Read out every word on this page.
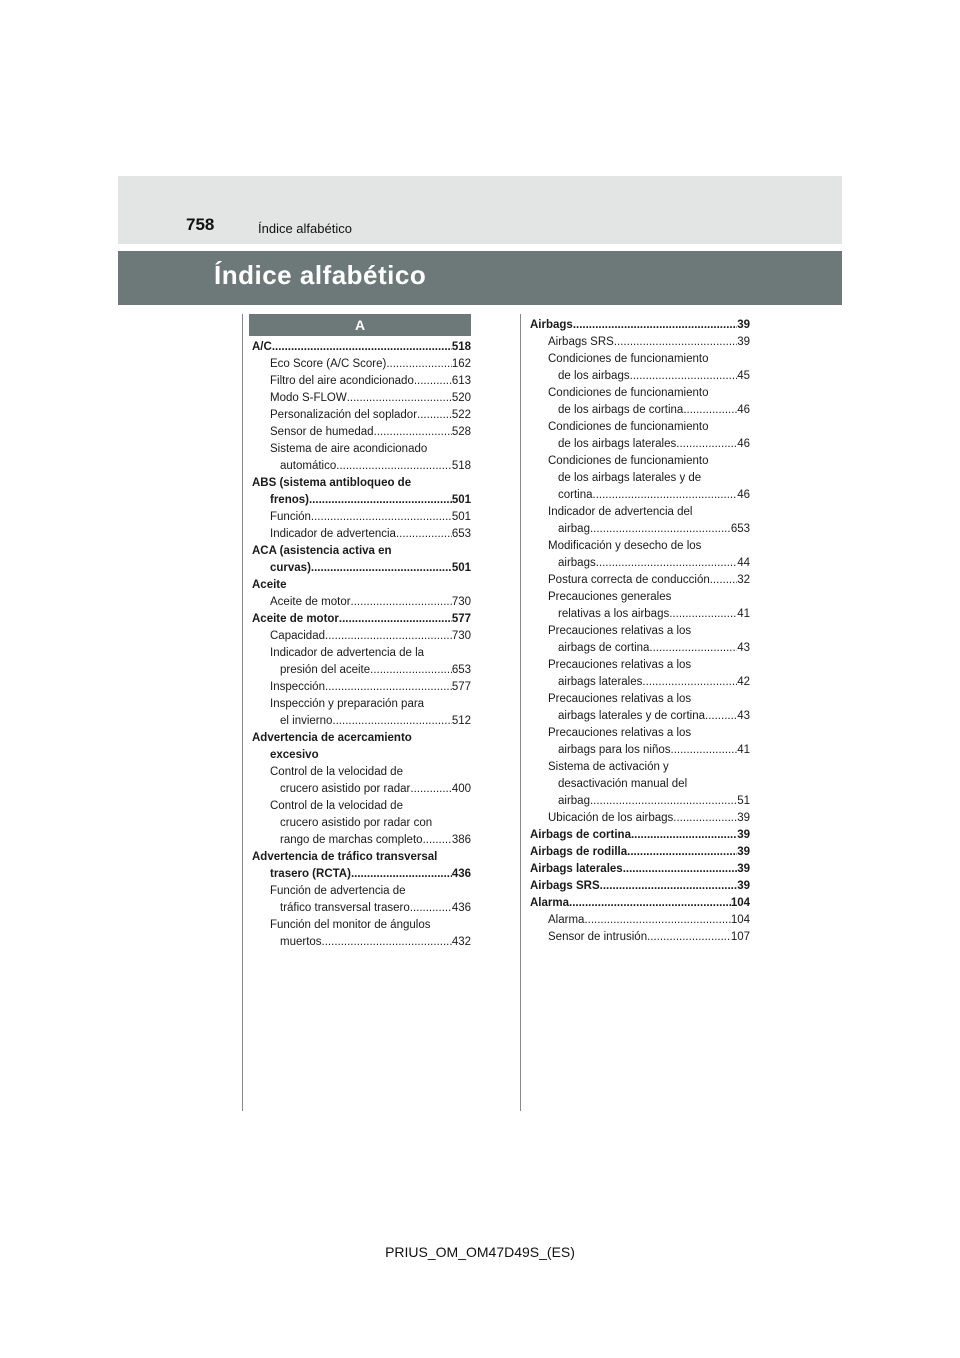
758	Índice alfabético
Índice alfabético
A
A/C .....	518
Eco Score (A/C Score) .....	162
Filtro del aire acondicionado .....	613
Modo S-FLOW .....	520
Personalización del soplador .....	522
Sensor de humedad .....	528
Sistema de aire acondicionado
automático .....	518
ABS (sistema antibloqueo de
frenos) .....	501
Función .....	501
Indicador de advertencia .....	653
ACA (asistencia activa en
curvas) .....	501
Aceite
Aceite de motor .....	730
Aceite de motor .....	577
Capacidad .....	730
Indicador de advertencia de la
presión del aceite .....	653
Inspección .....	577
Inspección y preparación para
el invierno .....	512
Advertencia de acercamiento
excesivo
Control de la velocidad de
crucero asistido por radar .....	400
Control de la velocidad de
crucero asistido por radar con
rango de marchas completo .....	386
Advertencia de tráfico transversal
trasero (RCTA) .....	436
Función de advertencia de
tráfico transversal trasero .....	436
Función del monitor de ángulos
muertos .....	432
Airbags .....	39
Airbags SRS .....	39
Condiciones de funcionamiento
de los airbags .....	45
Condiciones de funcionamiento
de los airbags de cortina .....	46
Condiciones de funcionamiento
de los airbags laterales .....	46
Condiciones de funcionamiento
de los airbags laterales y de
cortina .....	46
Indicador de advertencia del
airbag .....	653
Modificación y desecho de los
airbags .....	44
Postura correcta de conducción ..... 32
Precauciones generales
relativas a los airbags .....	41
Precauciones relativas a los
airbags de cortina .....	43
Precauciones relativas a los
airbags laterales .....	42
Precauciones relativas a los
airbags laterales y de cortina .....	43
Precauciones relativas a los
airbags para los niños .....	41
Sistema de activación y
desactivación manual del
airbag .....	51
Ubicación de los airbags .....	39
Airbags de cortina .....	39
Airbags de rodilla .....	39
Airbags laterales .....	39
Airbags SRS .....	39
Alarma .....	104
Alarma .....	104
Sensor de intrusión .....	107
PRIUS_OM_OM47D49S_(ES)
